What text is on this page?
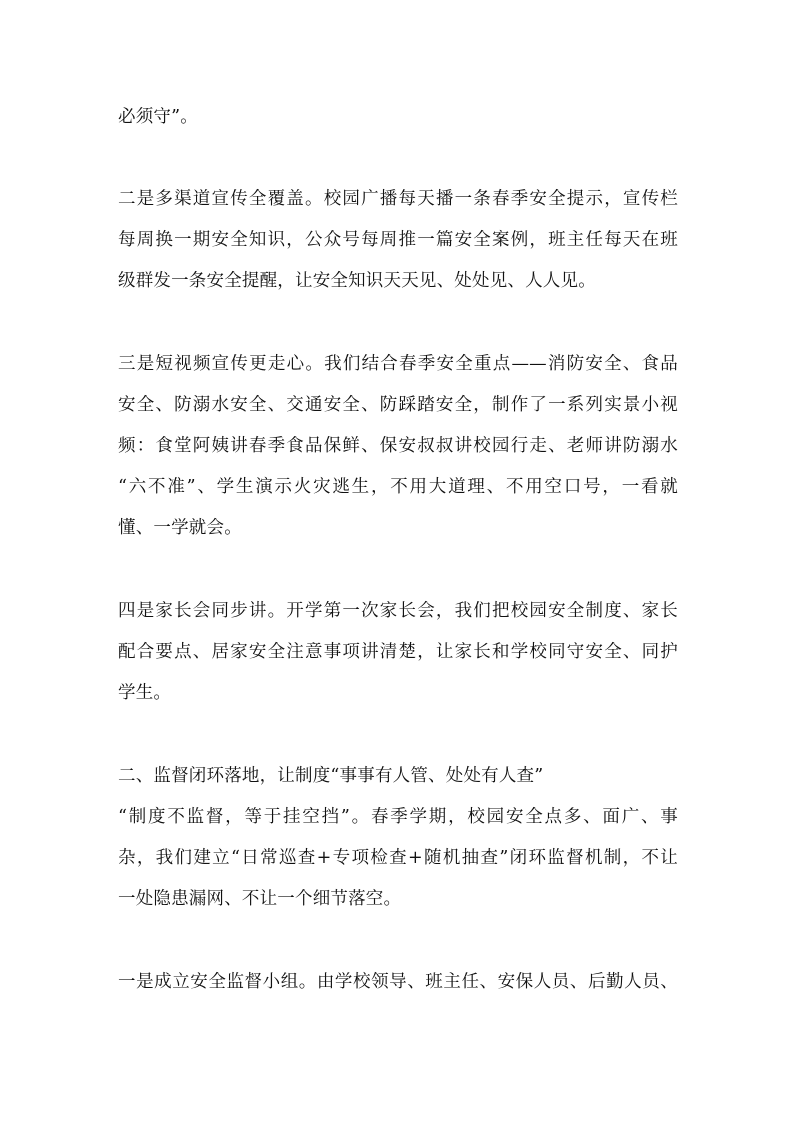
必须守”。
二是多渠道宣传全覆盖。校园广播每天播一条春季安全提示，宣传栏
每周换一期安全知识，公众号每周推一篇安全案例，班主任每天在班
级群发一条安全提醒，让安全知识天天见、处处见、人人见。
三是短视频宣传更走心。我们结合春季安全重点——消防安全、食品
安全、防溺水安全、交通安全、防踩踏安全，制作了一系列实景小视
频：食堂阿姨讲春季食品保鲜、保安叔叔讲校园行走、老师讲防溺水
“六不准”、学生演示火灾逃生，不用大道理、不用空口号，一看就
懂、一学就会。
四是家长会同步讲。开学第一次家长会，我们把校园安全制度、家长
配合要点、居家安全注意事项讲清楚，让家长和学校同守安全、同护
学生。
二、监督闭环落地，让制度“事事有人管、处处有人查”
“制度不监督，等于挂空挡”。春季学期，校园安全点多、面广、事
杂，我们建立“日常巡查+专项检查+随机抽查”闭环监督机制，不让
一处隐患漏网、不让一个细节落空。
一是成立安全监督小组。由学校领导、班主任、安保人员、后勤人员、
